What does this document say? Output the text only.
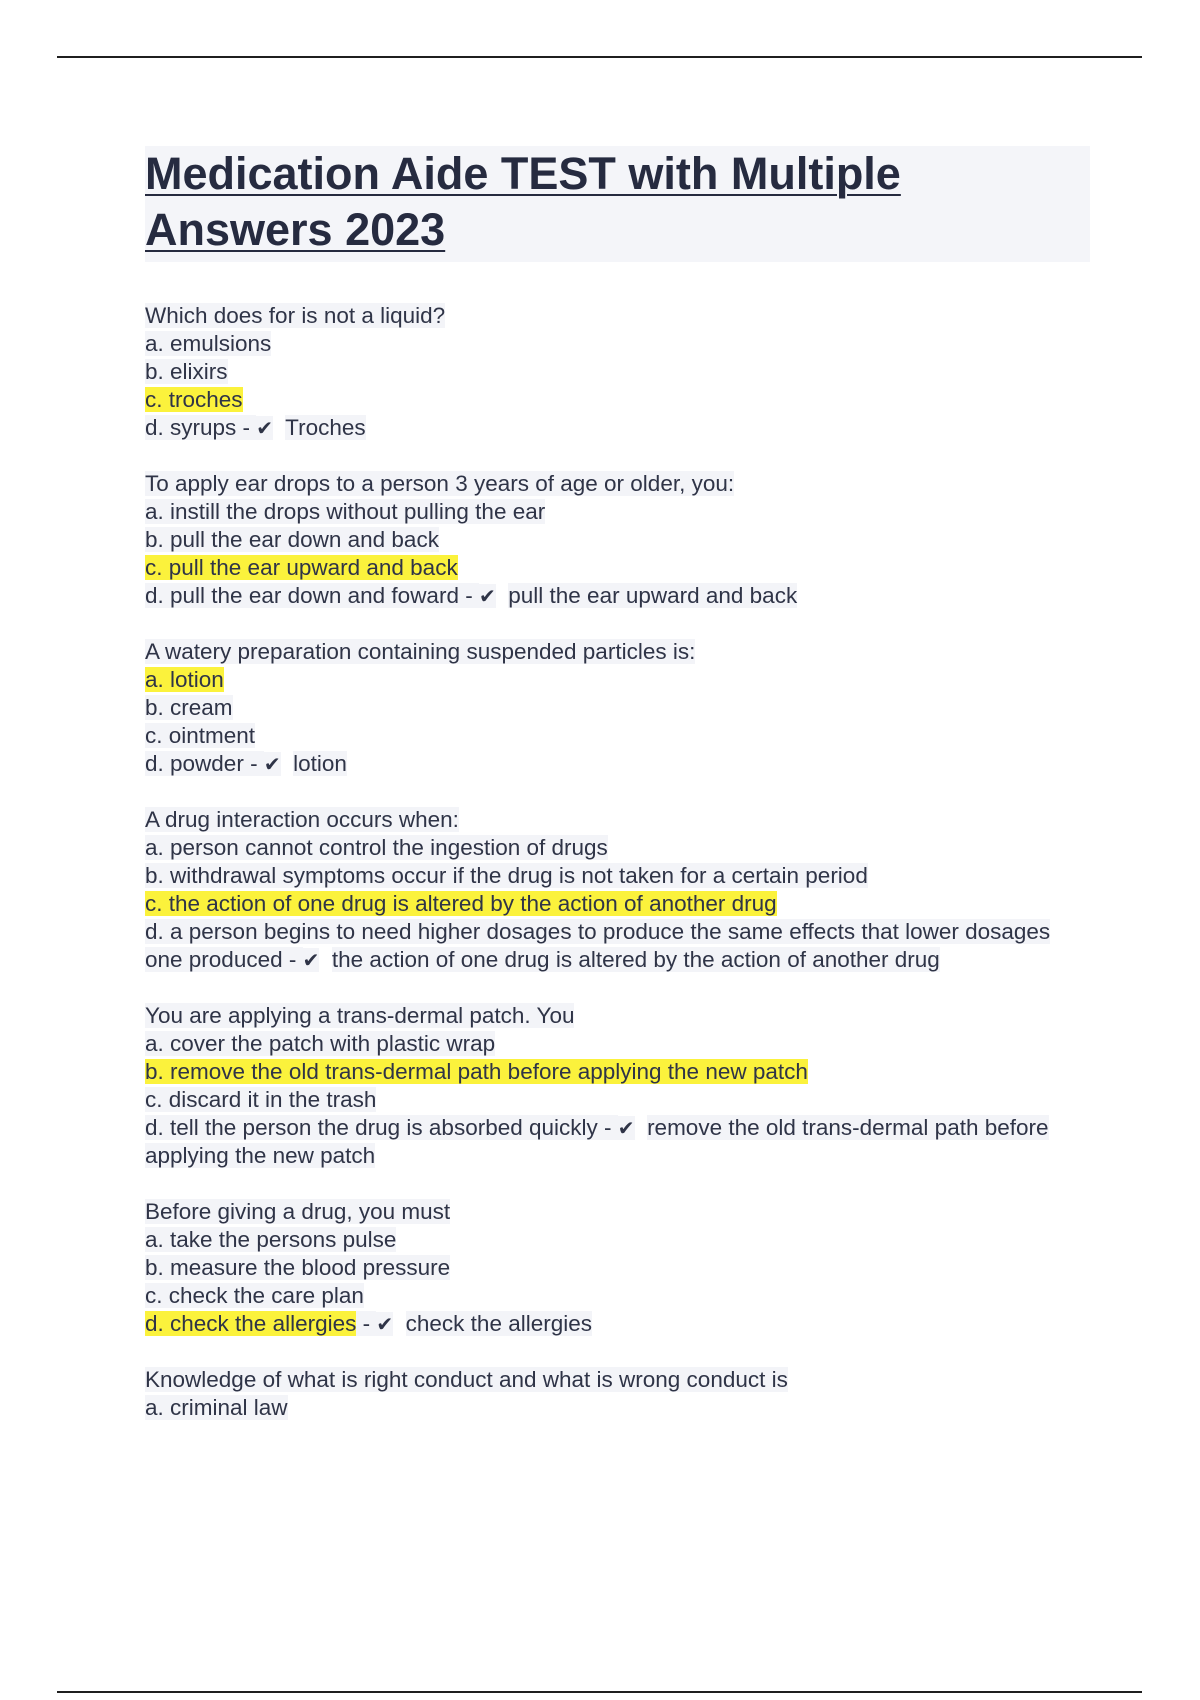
Medication Aide TEST with Multiple Answers 2023
Which does for is not a liquid?
a. emulsions
b. elixirs
c. troches
d. syrups - ✔ Troches
To apply ear drops to a person 3 years of age or older, you:
a. instill the drops without pulling the ear
b. pull the ear down and back
c. pull the ear upward and back
d. pull the ear down and foward - ✔ pull the ear upward and back
A watery preparation containing suspended particles is:
a. lotion
b. cream
c. ointment
d. powder - ✔ lotion
A drug interaction occurs when:
a. person cannot control the ingestion of drugs
b. withdrawal symptoms occur if the drug is not taken for a certain period
c. the action of one drug is altered by the action of another drug
d. a person begins to need higher dosages to produce the same effects that lower dosages one produced - ✔ the action of one drug is altered by the action of another drug
You are applying a trans-dermal patch. You
a. cover the patch with plastic wrap
b. remove the old trans-dermal path before applying the new patch
c. discard it in the trash
d. tell the person the drug is absorbed quickly - ✔ remove the old trans-dermal path before applying the new patch
Before giving a drug, you must
a. take the persons pulse
b. measure the blood pressure
c. check the care plan
d. check the allergies - ✔ check the allergies
Knowledge of what is right conduct and what is wrong conduct is
a. criminal law
